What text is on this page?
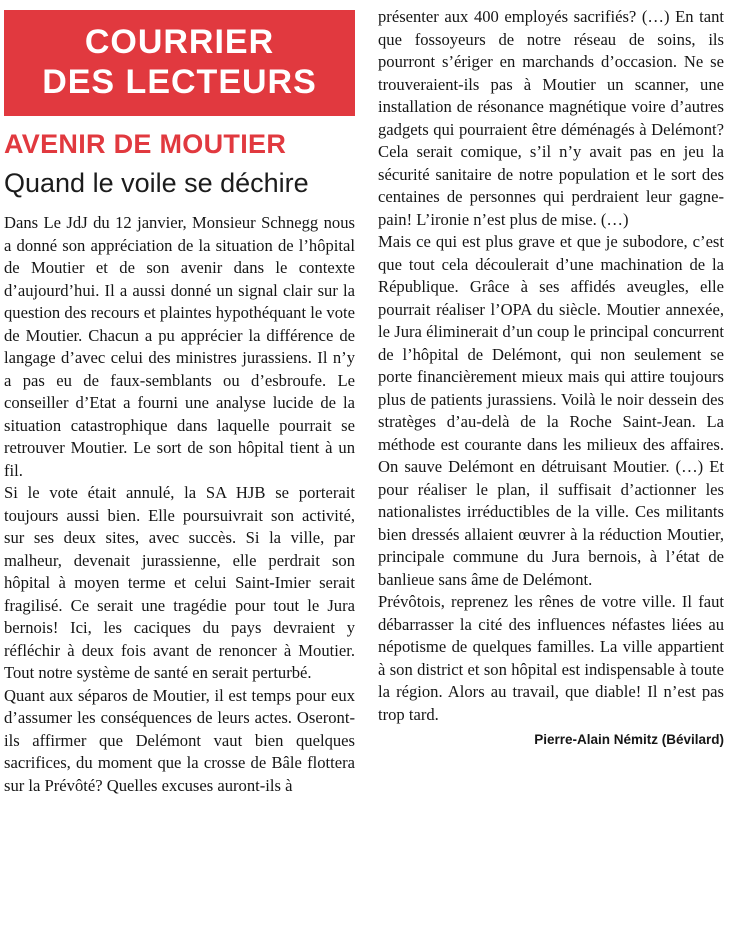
COURRIER
DES LECTEURS
AVENIR DE MOUTIER
Quand le voile se déchire

Dans Le JdJ du 12 janvier, Monsieur Schnegg nous a donné son appréciation de la situation de l’hôpital de Moutier et de son avenir dans le contexte d’aujourd’hui. Il a aussi donné un signal clair sur la question des recours et plaintes hypothéquant le vote de Moutier. Chacun a pu apprécier la différence de langage d’avec celui des ministres jurassiens. Il n’y a pas eu de faux-semblants ou d’esbroufe. Le conseiller d’Etat a fourni une analyse lucide de la situation catastrophique dans laquelle pourrait se retrouver Moutier. Le sort de son hôpital tient à un fil.

Si le vote était annulé, la SA HJB se porterait toujours aussi bien. Elle poursuivrait son activité, sur ses deux sites, avec succès. Si la ville, par malheur, devenait jurassienne, elle perdrait son hôpital à moyen terme et celui Saint-Imier serait fragilisé. Ce serait une tragédie pour tout le Jura bernois! Ici, les caciques du pays devraient y réfléchir à deux fois avant de renoncer à Moutier. Tout notre système de santé en serait perturbé.

Quant aux séparos de Moutier, il est temps pour eux d’assumer les conséquences de leurs actes. Oseront-ils affirmer que Delémont vaut bien quelques sacrifices, du moment que la crosse de Bâle flottera sur la Prévôté? Quelles excuses auront-ils à

présenter aux 400 employés sacrifiés? (…) En tant que fossoyeurs de notre réseau de soins, ils pourront s’ériger en marchands d’occasion. Ne se trouveraient-ils pas à Moutier un scanner, une installation de résonance magnétique voire d’autres gadgets qui pourraient être déménagés à Delémont? Cela serait comique, s’il n’y avait pas en jeu la sécurité sanitaire de notre population et le sort des centaines de personnes qui perdraient leur gagne-pain! L’ironie n’est plus de mise. (…)

Mais ce qui est plus grave et que je subodore, c’est que tout cela découlerait d’une machination de la République. Grâce à ses affidés aveugles, elle pourrait réaliser l’OPA du siècle. Moutier annexée, le Jura éliminerait d’un coup le principal concurrent de l’hôpital de Delémont, qui non seulement se porte financièrement mieux mais qui attire toujours plus de patients jurassiens. Voilà le noir dessein des stratèges d’au-delà de la Roche Saint-Jean. La méthode est courante dans les milieux des affaires. On sauve Delémont en détruisant Moutier. (…) Et pour réaliser le plan, il suffisait d’actionner les nationalistes irréductibles de la ville. Ces militants bien dressés allaient œuvrer à la réduction Moutier, principale commune du Jura bernois, à l’état de banlieue sans âme de Delémont.

Prévôtois, reprenez les rênes de votre ville. Il faut débarrasser la cité des influences néfastes liées au népotisme de quelques familles. La ville appartient à son district et son hôpital est indispensable à toute la région. Alors au travail, que diable! Il n’est pas trop tard.

Pierre-Alain Némitz (Bévilard)
